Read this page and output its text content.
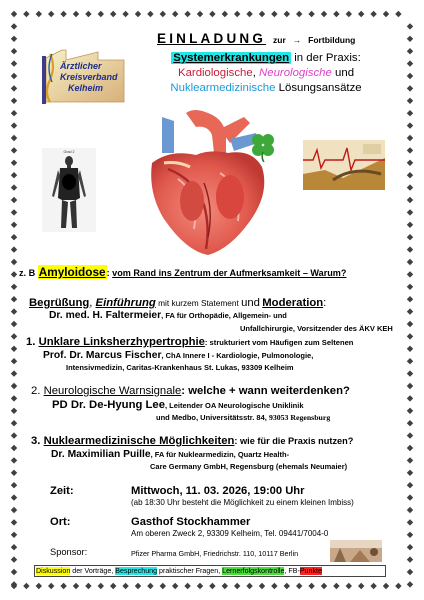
EINLADUNG zur → Fortbildung
Ärztlicher
Kreisverband
Kelheim
Systemerkrankungen in der Praxis:
Kardiologische, Neurologische und
Nuklearmedizinische Lösungsansätze
Grad 2
z. B Amyloidose: vom Rand ins Zentrum der Aufmerksamkeit – Warum?
Begrüßung, Einführung mit kurzem Statement und Moderation:
Dr. med. H. Faltermeier, FA für Orthopädie, Allgemein- und
Unfallchirurgie, Vorsitzender des ÄKV KEH
1. Unklare Linksherzhypertrophie: strukturiert vom Häufigen zum Seltenen
Prof. Dr. Marcus Fischer, ChA Innere I - Kardiologie, Pulmonologie,
Intensivmedizin, Caritas-Krankenhaus St. Lukas, 93309 Kelheim
2. Neurologische Warnsignale: welche + wann weiterdenken?
PD Dr. De-Hyung Lee, Leitender OA Neurologische Uniklinik
und Medbo, Universitätsstr. 84, 93053 Regensburg
3. Nuklearmedizinische Möglichkeiten: wie für die Praxis nutzen?
Dr. Maximilian Puille, FA für Nuklearmedizin, Quartz Health-
Care Germany GmbH, Regensburg (ehemals Neumaier)
Zeit:	Mittwoch, 11. 03. 2026, 19:00 Uhr
(ab 18:30 Uhr besteht die Möglichkeit zu einem kleinen Imbiss)
Ort:	Gasthof Stockhammer
Am oberen Zweck 2, 93309 Kelheim, Tel. 09441/7004-0
Sponsor:	Pfizer Pharma GmbH, Friedrichstr. 110, 10117 Berlin
Diskussion der Vorträge, Besprechung praktischer Fragen, Lernerfolgskontrolle, FB-Punkte
